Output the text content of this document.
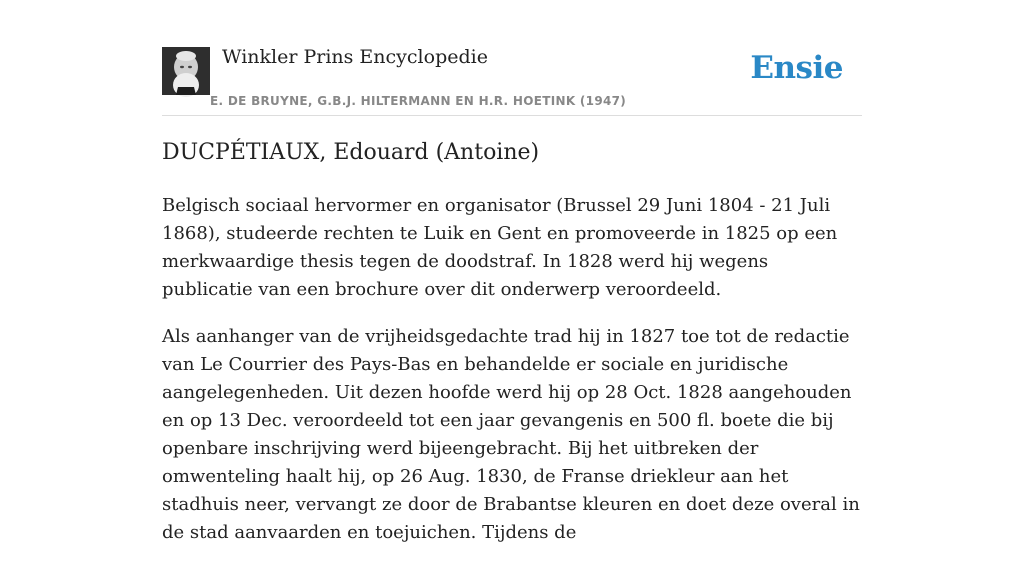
Winkler Prins Encyclopedie
E. DE BRUYNE, G.B.J. HILTERMANN EN H.R. HOETINK (1947)
Ensie
DUCPÉTIAUX, Edouard (Antoine)

Belgisch sociaal hervormer en organisator (Brussel 29 Juni 1804 - 21 Juli 1868), studeerde rechten te Luik en Gent en promoveerde in 1825 op een merkwaardige thesis tegen de doodstraf. In 1828 werd hij wegens publicatie van een brochure over dit onderwerp veroordeeld.

Als aanhanger van de vrijheidsgedachte trad hij in 1827 toe tot de redactie van Le Courrier des Pays-Bas en behandelde er sociale en juridische aangelegenheden. Uit dezen hoofde werd hij op 28 Oct. 1828 aangehouden en op 13 Dec. veroordeeld tot een jaar gevangenis en 500 fl. boete die bij openbare inschrijving werd bijeengebracht. Bij het uitbreken der omwenteling haalt hij, op 26 Aug. 1830, de Franse driekleur aan het stadhuis neer, vervangt ze door de Brabantse kleuren en doet deze overal in de stad aanvaarden en toejuichen. Tijdens de
